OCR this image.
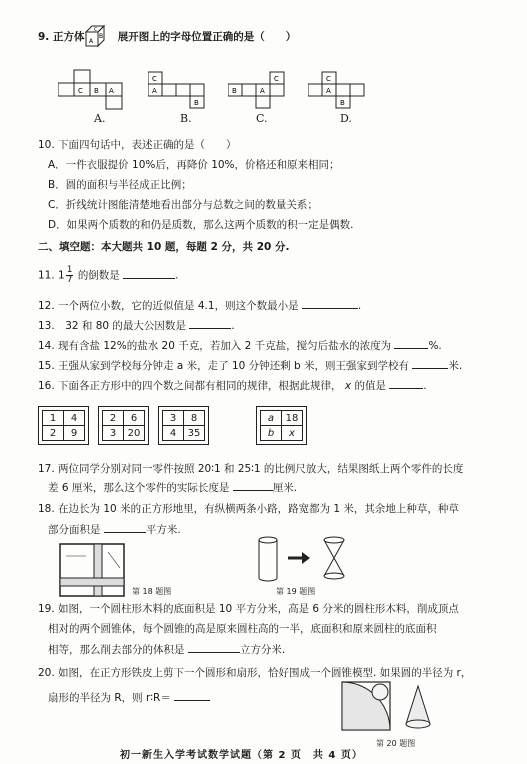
9. 正方体	展开图上的字母位置正确的是（　　）
A
B
C
B A
C
A.
C
A
B
B.
B	A
C
C.
C
A
B
D.
10. 下面四句话中，表述正确的是（　　）
A．一件衣服提价 10%后，再降价 10%，价格还和原来相同；
B．圆的面积与半径成正比例；
C．折线统计图能清楚地看出部分与总数之间的数量关系；
D．如果两个质数的和仍是质数，那么这两个质数的积一定是偶数.
二、填空题：本大题共 10 题，每题 2 分，共 20 分.
11. $1 \frac{1}{7}$ 的倒数是	.
12. 一个两位小数，它的近似值是 4.1，则这个数最小是	.
13.　32 和 80 的最大公因数是	.
14. 现有含盐 12%的盐水 20 千克，若加入 2 千克盐，搅匀后盐水的浓度为	%.
15. 王强从家到学校每分钟走 a 米，走了 10 分钟还剩 b 米，则王强家到学校有	米.
16. 下面各正方形中的四个数之间都有相同的规律，根据此规律， x 的值是	.
1	4
2	9
2	6
3	20
3	8
4	35
a	18
b	x
17. 两位同学分别对同一零件按照 20∶1 和 25∶1 的比例尺放大，结果图纸上两个零件的长度
差 6 厘米，那么这个零件的实际长度是	厘米.
18. 在边长为 10 米的正方形地里，有纵横两条小路，路宽都为 1 米，其余地上种草，种草
部分面积是	平方米.
第 18 题图	第 19 题图
19. 如图，一个圆柱形木料的底面积是 10 平方分米，高是 6 分米的圆柱形木料，削成顶点
相对的两个圆锥体，每个圆锥的高是原来圆柱高的一半，底面积和原来圆柱的底面积
相等，那么削去部分的体积是	立方分米.
20. 如图，在正方形铁皮上剪下一个圆形和扇形，恰好围成一个圆锥模型. 如果圆的半径为 r，
扇形的半径为 R，则 r∶R＝
第 20 题图
初一新生入学考试数学试题（第 2 页　共 4 页）
